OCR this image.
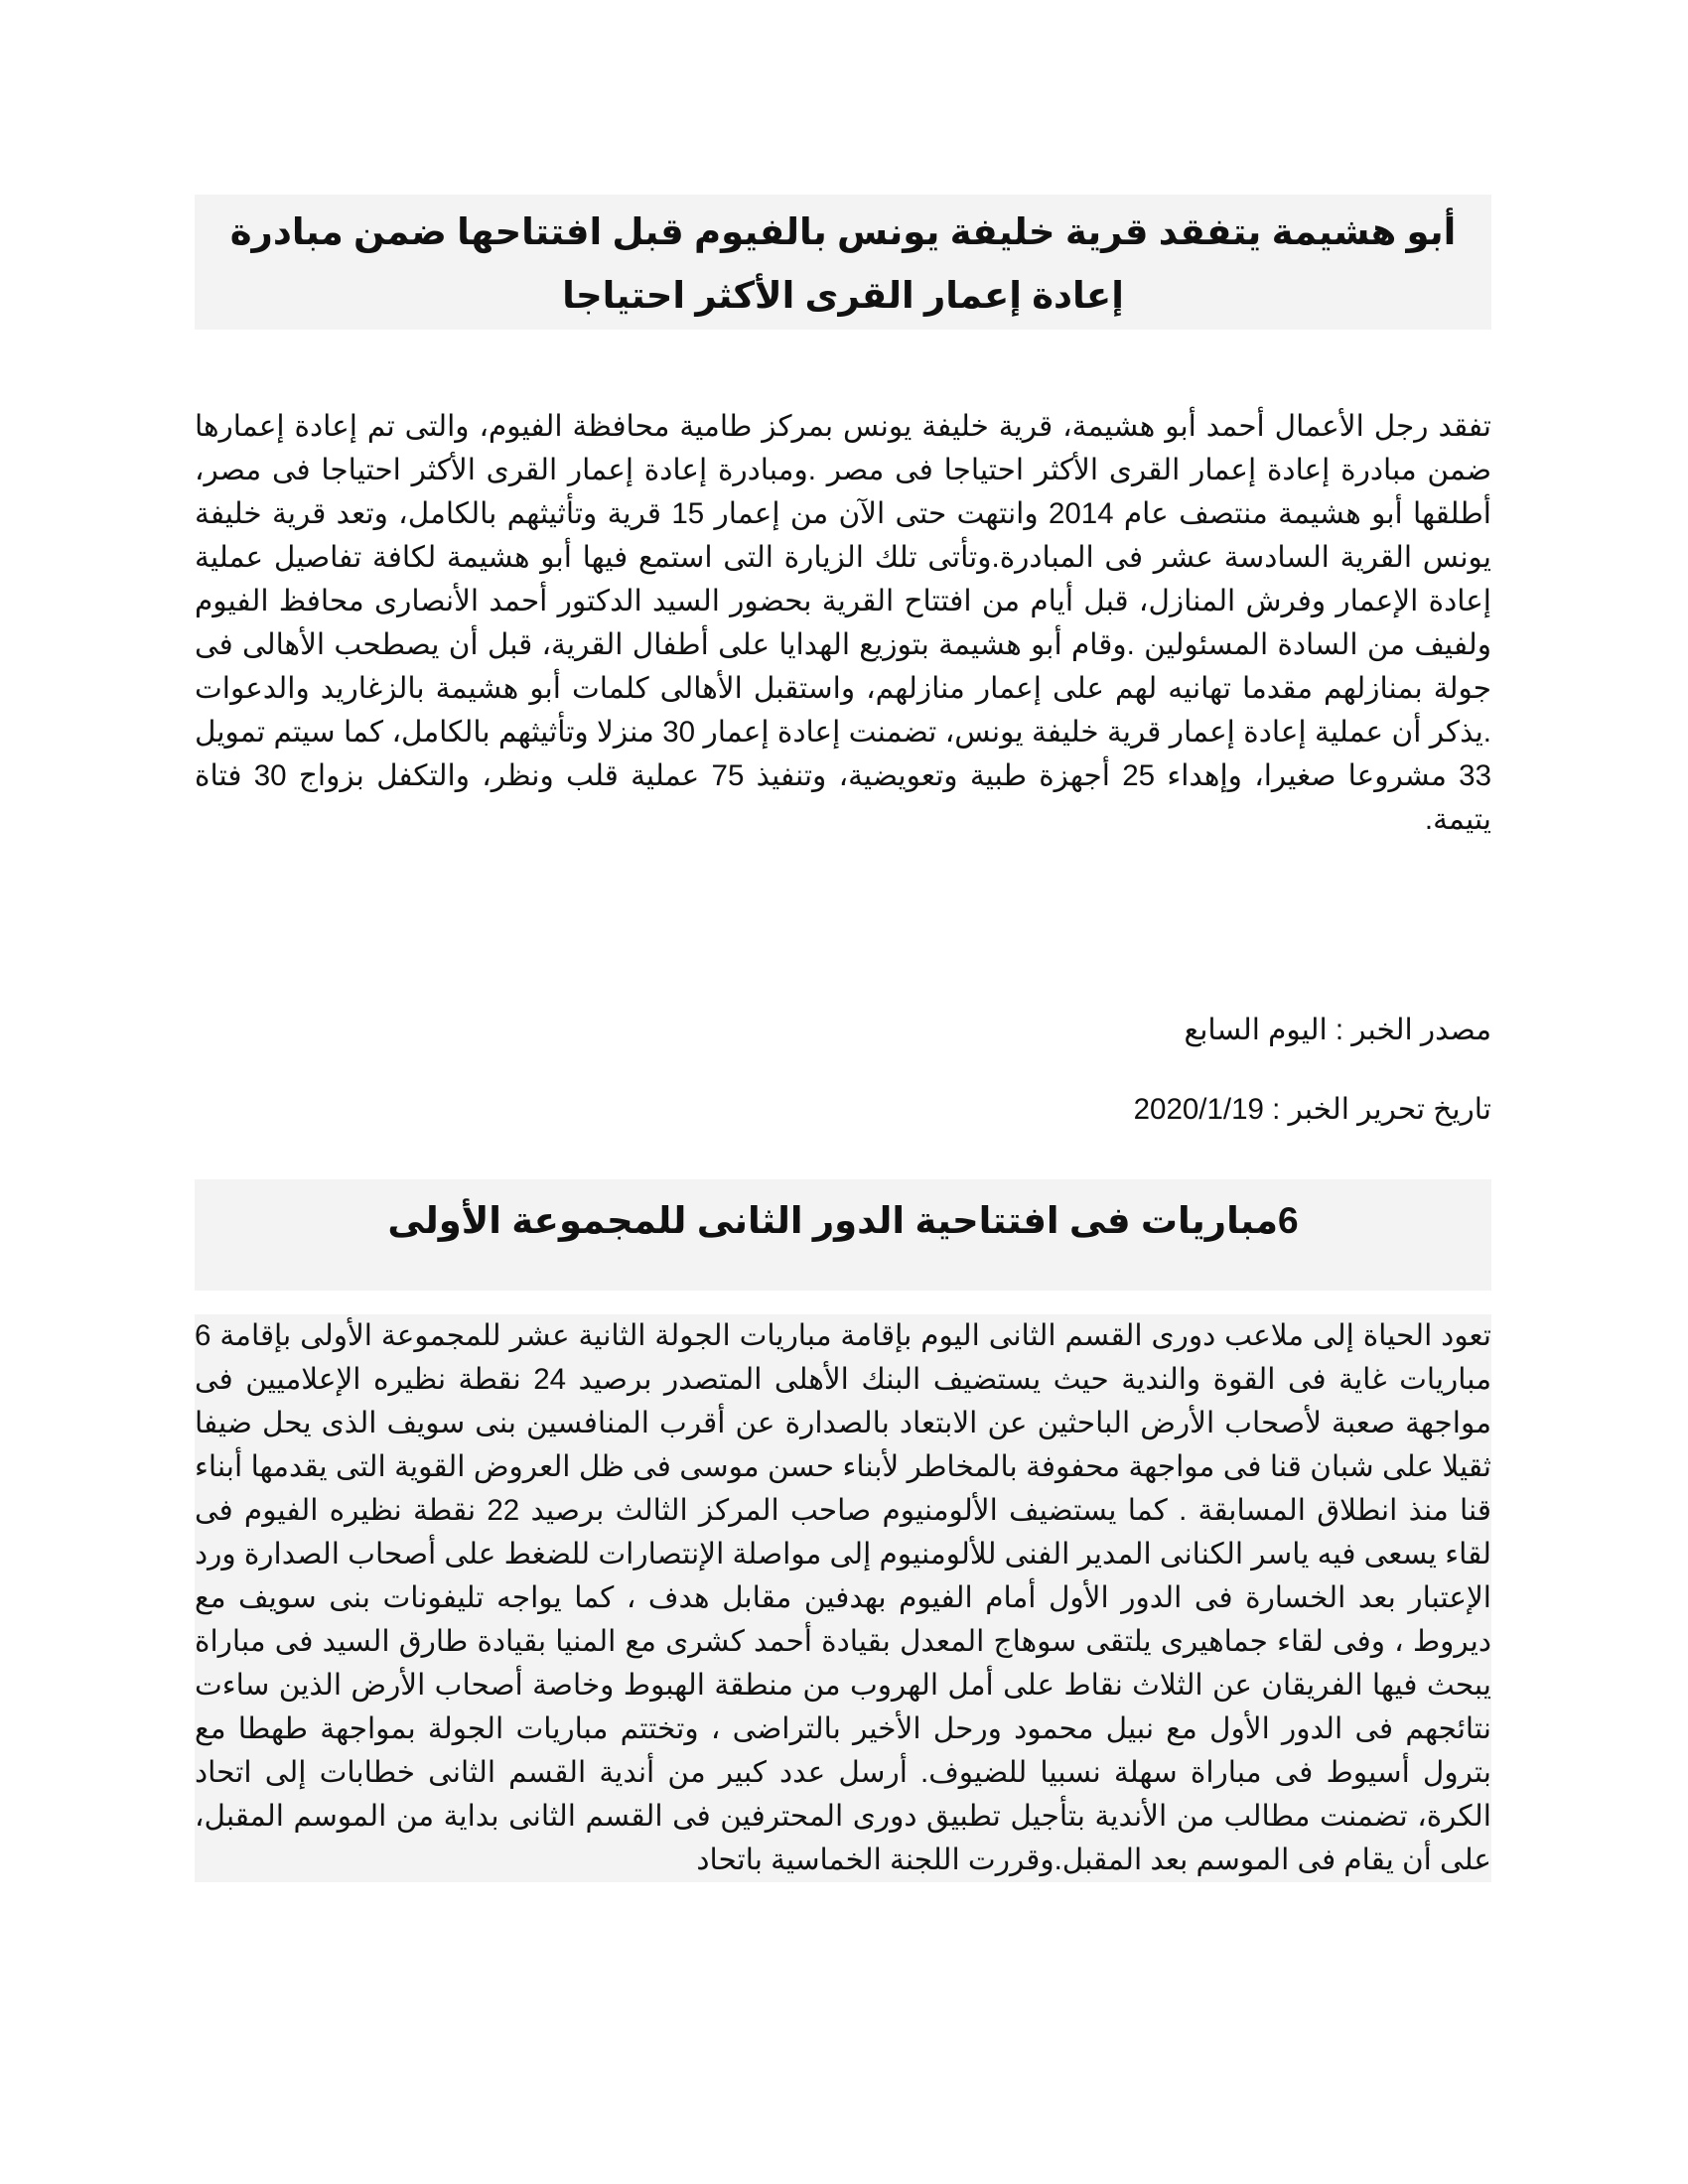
أبو هشيمة يتفقد قرية خليفة يونس بالفيوم قبل افتتاحها ضمن مبادرة إعادة إعمار القرى الأكثر احتياجا

تفقد رجل الأعمال أحمد أبو هشيمة، قرية خليفة يونس بمركز طامية محافظة الفيوم، والتى تم إعادة إعمارها ضمن مبادرة إعادة إعمار القرى الأكثر احتياجا فى مصر .ومبادرة إعادة إعمار القرى الأكثر احتياجا فى مصر، أطلقها أبو هشيمة منتصف عام 2014 وانتهت حتى الآن من إعمار 15 قرية وتأثيثهم بالكامل، وتعد قرية خليفة يونس القرية السادسة عشر فى المبادرة.وتأتى تلك الزيارة التى استمع فيها أبو هشيمة لكافة تفاصيل عملية إعادة الإعمار وفرش المنازل، قبل أيام من افتتاح القرية بحضور السيد الدكتور أحمد الأنصارى محافظ الفيوم ولفيف من السادة المسئولين .وقام أبو هشيمة بتوزيع الهدايا على أطفال القرية، قبل أن يصطحب الأهالى فى جولة بمنازلهم مقدما تهانيه لهم على إعمار منازلهم، واستقبل الأهالى كلمات أبو هشيمة بالزغاريد والدعوات .يذكر أن عملية إعادة إعمار قرية خليفة يونس، تضمنت إعادة إعمار 30 منزلا وتأثيثهم بالكامل، كما سيتم تمويل 33 مشروعا صغيرا، وإهداء 25 أجهزة طبية وتعويضية، وتنفيذ 75 عملية قلب ونظر، والتكفل بزواج 30 فتاة يتيمة.

مصدر الخبر : اليوم السابع

تاريخ تحرير الخبر : 2020/1/19

6مباريات فى افتتاحية الدور الثانى للمجموعة الأولى

تعود الحياة إلى ملاعب دورى القسم الثانى اليوم بإقامة مباريات الجولة الثانية عشر للمجموعة الأولى بإقامة 6 مباريات غاية فى القوة والندية حيث يستضيف البنك الأهلى المتصدر برصيد 24 نقطة نظيره الإعلاميين فى مواجهة صعبة لأصحاب الأرض الباحثين عن الابتعاد بالصدارة عن أقرب المنافسين بنى سويف الذى يحل ضيفا ثقيلا على شبان قنا فى مواجهة محفوفة بالمخاطر لأبناء حسن موسى فى ظل العروض القوية التى يقدمها أبناء قنا منذ انطلاق المسابقة . كما يستضيف الألومنيوم صاحب المركز الثالث برصيد 22 نقطة نظيره الفيوم فى لقاء يسعى فيه ياسر الكنانى المدير الفنى للألومنيوم إلى مواصلة الإنتصارات للضغط على أصحاب الصدارة ورد الإعتبار بعد الخسارة فى الدور الأول أمام الفيوم بهدفين مقابل هدف ، كما يواجه تليفونات بنى سويف مع ديروط ، وفى لقاء جماهيرى يلتقى سوهاج المعدل بقيادة أحمد كشرى مع المنيا بقيادة طارق السيد فى مباراة يبحث فيها الفريقان عن الثلاث نقاط على أمل الهروب من منطقة الهبوط وخاصة أصحاب الأرض الذين ساءت نتائجهم فى الدور الأول مع نبيل محمود ورحل الأخير بالتراضى ، وتختتم مباريات الجولة بمواجهة طهطا مع بترول أسيوط فى مباراة سهلة نسبيا للضيوف. أرسل عدد كبير من أندية القسم الثانى خطابات إلى اتحاد الكرة، تضمنت مطالب من الأندية بتأجيل تطبيق دورى المحترفين فى القسم الثانى بداية من الموسم المقبل، على أن يقام فى الموسم بعد المقبل.وقررت اللجنة الخماسية باتحاد
